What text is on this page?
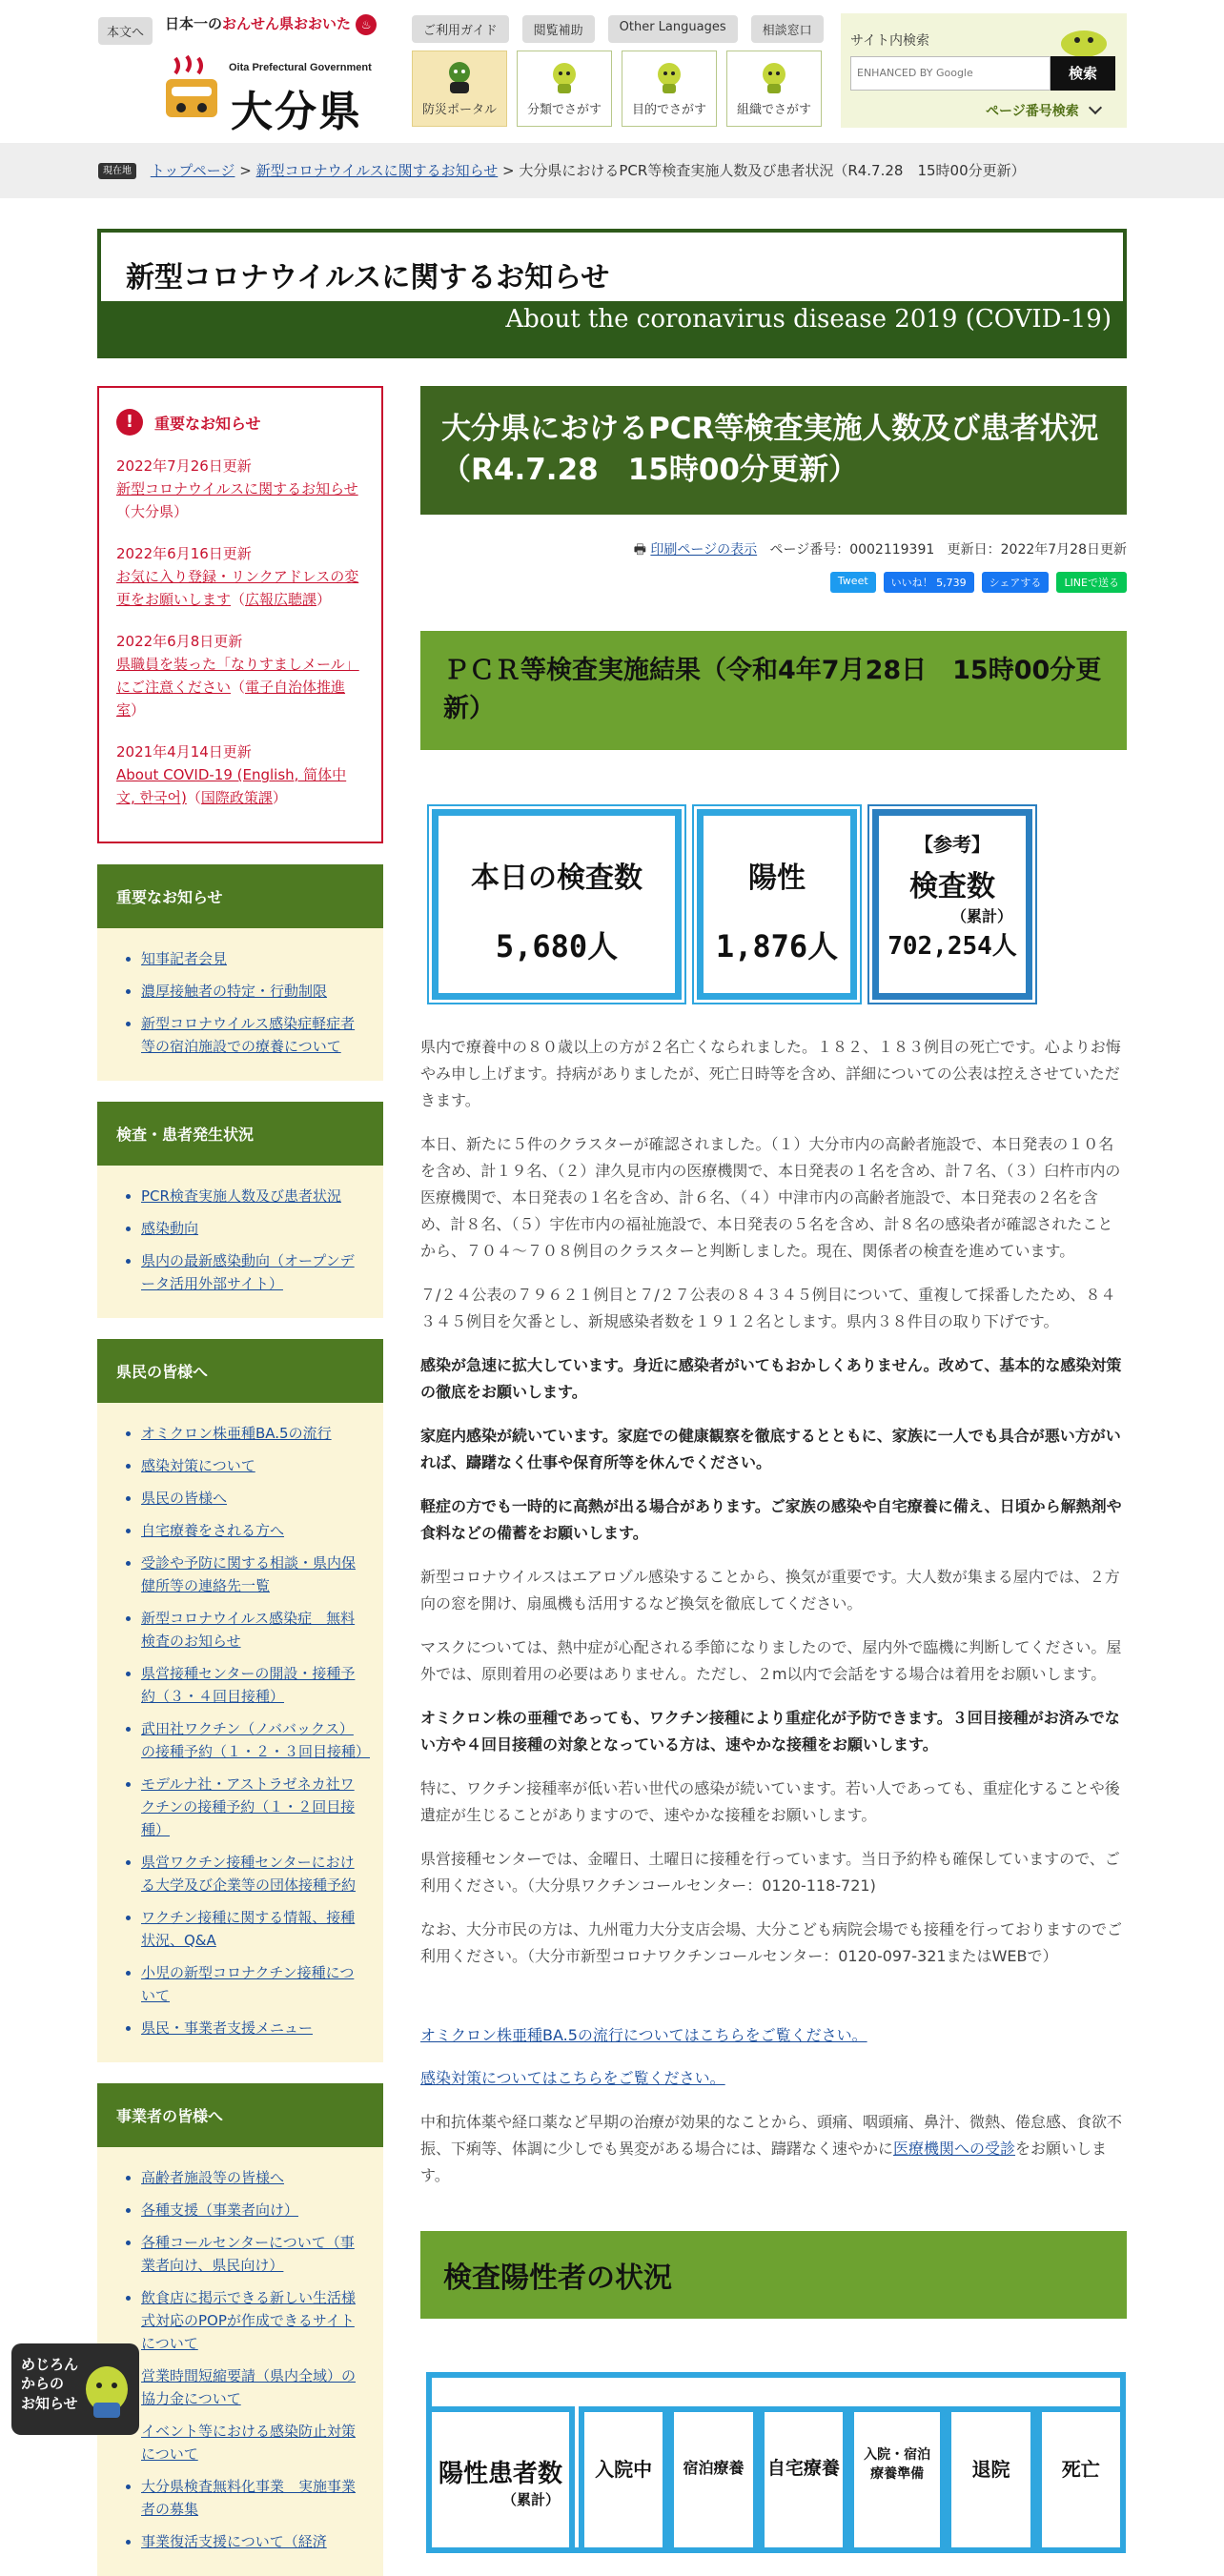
本文へ
日本一のおんせん県おおいた ♨
Oita Prefectural Government
大分県
ご利用ガイド	閲覧補助	Other Languages	相談窓口
防災ポータル	分類でさがす	目的でさがす	組織でさがす
サイト内検索
ENHANCED BY Google	検索
ページ番号検索
現在地 トップページ > 新型コロナウイルスに関するお知らせ > 大分県におけるPCR等検査実施人数及び患者状況（R4.7.28　15時00分更新）
新型コロナウイルスに関するお知らせ
About the coronavirus disease 2019 (COVID-19)
!	重要なお知らせ
2022年7月26日更新
新型コロナウイルスに関するお知らせ（大分県）
2022年6月16日更新
お気に入り登録・リンクアドレスの変更をお願いします（広報広聴課）
2022年6月8日更新
県職員を装った「なりすましメール」にご注意ください（電子自治体推進室）
2021年4月14日更新
About COVID-19 (English, 简体中文, 한국어)（国際政策課）
重要なお知らせ
• 知事記者会見
• 濃厚接触者の特定・行動制限
• 新型コロナウイルス感染症軽症者等の宿泊施設での療養について
検査・患者発生状況
• PCR検査実施人数及び患者状況
• 感染動向
• 県内の最新感染動向（オープンデータ活用外部サイト）
県民の皆様へ
• オミクロン株亜種BA.5の流行
• 感染対策について
• 県民の皆様へ
• 自宅療養をされる方へ
• 受診や予防に関する相談・県内保健所等の連絡先一覧
• 新型コロナウイルス感染症　無料検査のお知らせ
• 県営接種センターの開設・接種予約（３・４回目接種）
• 武田社ワクチン（ノババックス）の接種予約（１・２・３回目接種）
• モデルナ社・アストラゼネカ社ワクチンの接種予約（１・２回目接種）
• 県営ワクチン接種センターにおける大学及び企業等の団体接種予約
• ワクチン接種に関する情報、接種状況、Q&A
• 小児の新型コロナクチン接種について
• 県民・事業者支援メニュー
事業者の皆様へ
• 高齢者施設等の皆様へ
• 各種支援（事業者向け）
• 各種コールセンターについて（事業者向け、県民向け）
• 飲食店に掲示できる新しい生活様式対応のPOPが作成できるサイトについて
• 営業時間短縮要請（県内全域）の協力金について
• イベント等における感染防止対策について
• 大分県検査無料化事業　実施事業者の募集
• 事業復活支援について（経済
大分県におけるPCR等検査実施人数及び患者状況（R4.7.28　15時00分更新）
🖶 印刷ページの表示 ページ番号：0002119391 更新日：2022年7月28日更新
Tweet	いいね！ 5,739	シェアする	LINEで送る
ＰＣＲ等検査実施結果（令和4年7月28日　15時00分更新）
本日の検査数
5,680人
陽性
1,876人
【参考】
検査数
（累計）
702,254人

県内で療養中の８０歳以上の方が２名亡くなられました。１８２、１８３例目の死亡です。心よりお悔やみ申し上げます。持病がありましたが、死亡日時等を含め、詳細についての公表は控えさせていただきます。

本日、新たに５件のクラスターが確認されました。（１）大分市内の高齢者施設で、本日発表の１０名を含め、計１９名、（２）津久見市内の医療機関で、本日発表の１名を含め、計７名、（３）臼杵市内の医療機関で、本日発表の１名を含め、計６名、（４）中津市内の高齢者施設で、本日発表の２名を含め、計８名、（５）宇佐市内の福祉施設で、本日発表の５名を含め、計８名の感染者が確認されたことから、７０４～７０８例目のクラスターと判断しました。現在、関係者の検査を進めています。

７/２４公表の７９６２１例目と７/２７公表の８４３４５例目について、重複して採番したため、８４３４５例目を欠番とし、新規感染者数を１９１２名とします。県内３８件目の取り下げです。

感染が急速に拡大しています。身近に感染者がいてもおかしくありません。改めて、基本的な感染対策の徹底をお願いします。

家庭内感染が続いています。家庭での健康観察を徹底するとともに、家族に一人でも具合が悪い方がいれば、躊躇なく仕事や保育所等を休んでください。

軽症の方でも一時的に高熱が出る場合があります。ご家族の感染や自宅療養に備え、日頃から解熱剤や食料などの備蓄をお願いします。

新型コロナウイルスはエアロゾル感染することから、換気が重要です。大人数が集まる屋内では、２方向の窓を開け、扇風機も活用するなど換気を徹底してください。

マスクについては、熱中症が心配される季節になりましたので、屋内外で臨機に判断してください。屋外では、原則着用の必要はありません。ただし、２m以内で会話をする場合は着用をお願いします。

オミクロン株の亜種であっても、ワクチン接種により重症化が予防できます。３回目接種がお済みでない方や４回目接種の対象となっている方は、速やかな接種をお願いします。

特に、ワクチン接種率が低い若い世代の感染が続いています。若い人であっても、重症化することや後遺症が生じることがありますので、速やかな接種をお願いします。

県営接種センターでは、金曜日、土曜日に接種を行っています。当日予約枠も確保していますので、ご利用ください。（大分県ワクチンコールセンター：0120-118-721)

なお、大分市民の方は、九州電力大分支店会場、大分こども病院会場でも接種を行っておりますのでご利用ください。（大分市新型コロナワクチンコールセンター：0120-097-321またはWEBで）

オミクロン株亜種BA.5の流行についてはこちらをご覧ください。
感染対策についてはこちらをご覧ください。

中和抗体薬や経口薬など早期の治療が効果的なことから、頭痛、咽頭痛、鼻汁、微熱、倦怠感、食欲不振、下痢等、体調に少しでも異変がある場合には、躊躇なく速やかに医療機関への受診をお願いします。

検査陽性者の状況
陽性患者数
（累計）
入院中	宿泊療養	自宅療養
入院・宿泊療養準備	退院	死亡
めじろん
からの
お知らせ
